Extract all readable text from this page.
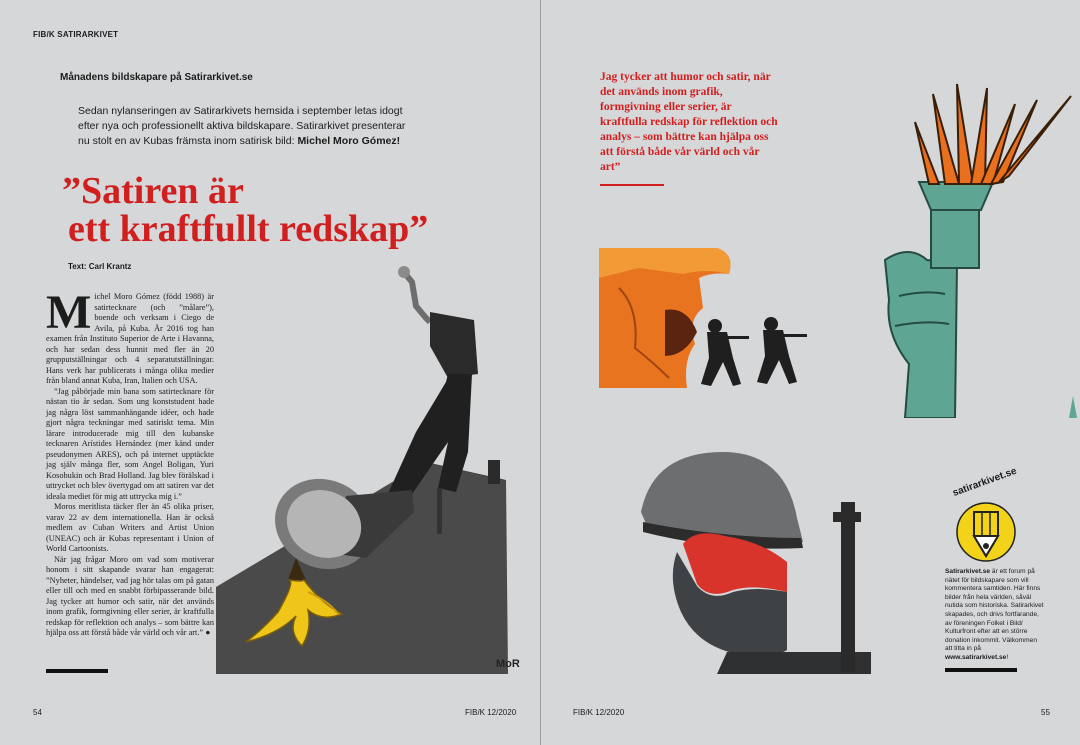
FIB/K SATIRARKIVET
Månadens bildskapare på Satirarkivet.se
Sedan nylanseringen av Satirarkivets hemsida i september letas idogt efter nya och professionellt aktiva bildskapare. Satirarkivet presenterar nu stolt en av Kubas främsta inom satirisk bild: Michel Moro Gómez!
”Satiren är
ett kraftfullt redskap”
Text: Carl Krantz
M ichel Moro Gómez (född 1988) är satirtecknare (och ”målare”), boende och verksam i Ciego de Avila, på Kuba. År 2016 tog han examen från Instituto Superior de Arte i Havanna, och har sedan dess hunnit med fler än 20 grupputställningar och 4 separatutställningar. Hans verk har publicerats i många olika medier från bland annat Kuba, Iran, Italien och USA.

”Jag påbörjade min bana som satirtecknare för nästan tio år sedan. Som ung konststudent hade jag några löst sammanhängande idéer, och hade gjort några teckningar med satiriskt tema. Min lärare introducerade mig till den kubanske tecknaren Arístides Hernández (mer känd under pseudonymen ARES), och på internet upptäckte jag själv många fler, som Angel Boligan, Yuri Kosobukin och Brad Holland. Jag blev förälskad i uttrycket och blev övertygad om att satiren var det ideala mediet för mig att uttrycka mig i.”

Moros meritlista täcker fler än 45 olika priser, varav 22 av dem internationella. Han är också medlem av Cuban Writers and Artist Union (UNEAC) och är Kubas representant i Union of World Cartoonists.

När jag frågar Moro om vad som motiverar honom i sitt skapande svarar han engagerat: ”Nyheter, händelser, vad jag hör talas om på gatan eller till och med en snabbt förbipasserande bild. Jag tycker att humor och satir, när det används inom grafik, formgivning eller serier, är kraftfulla redskap för reflektion och analys – som bättre kan hjälpa oss att förstå både vår värld och vår art.” ●

MoR
54	FIB/K 12/2020
Jag tycker att humor och satir, när det används inom grafik, formgivning eller serier, är kraftfulla redskap för reflektion och analys – som bättre kan hjälpa oss att förstå både vår värld och vår art”
satirarkivet.se
Satirarkivet.se är ett forum på nätet för bildskapare som vill kommentera samtiden. Här finns bilder från hela världen, såväl nutida som historiska. Satirarkivet skapades, och drivs fortfarande, av föreningen Folket i Bild/ Kulturfront efter att en större donation inkommit. Välkommen att titta in på www.satirarkivet.se!
FIB/K 12/2020	55
